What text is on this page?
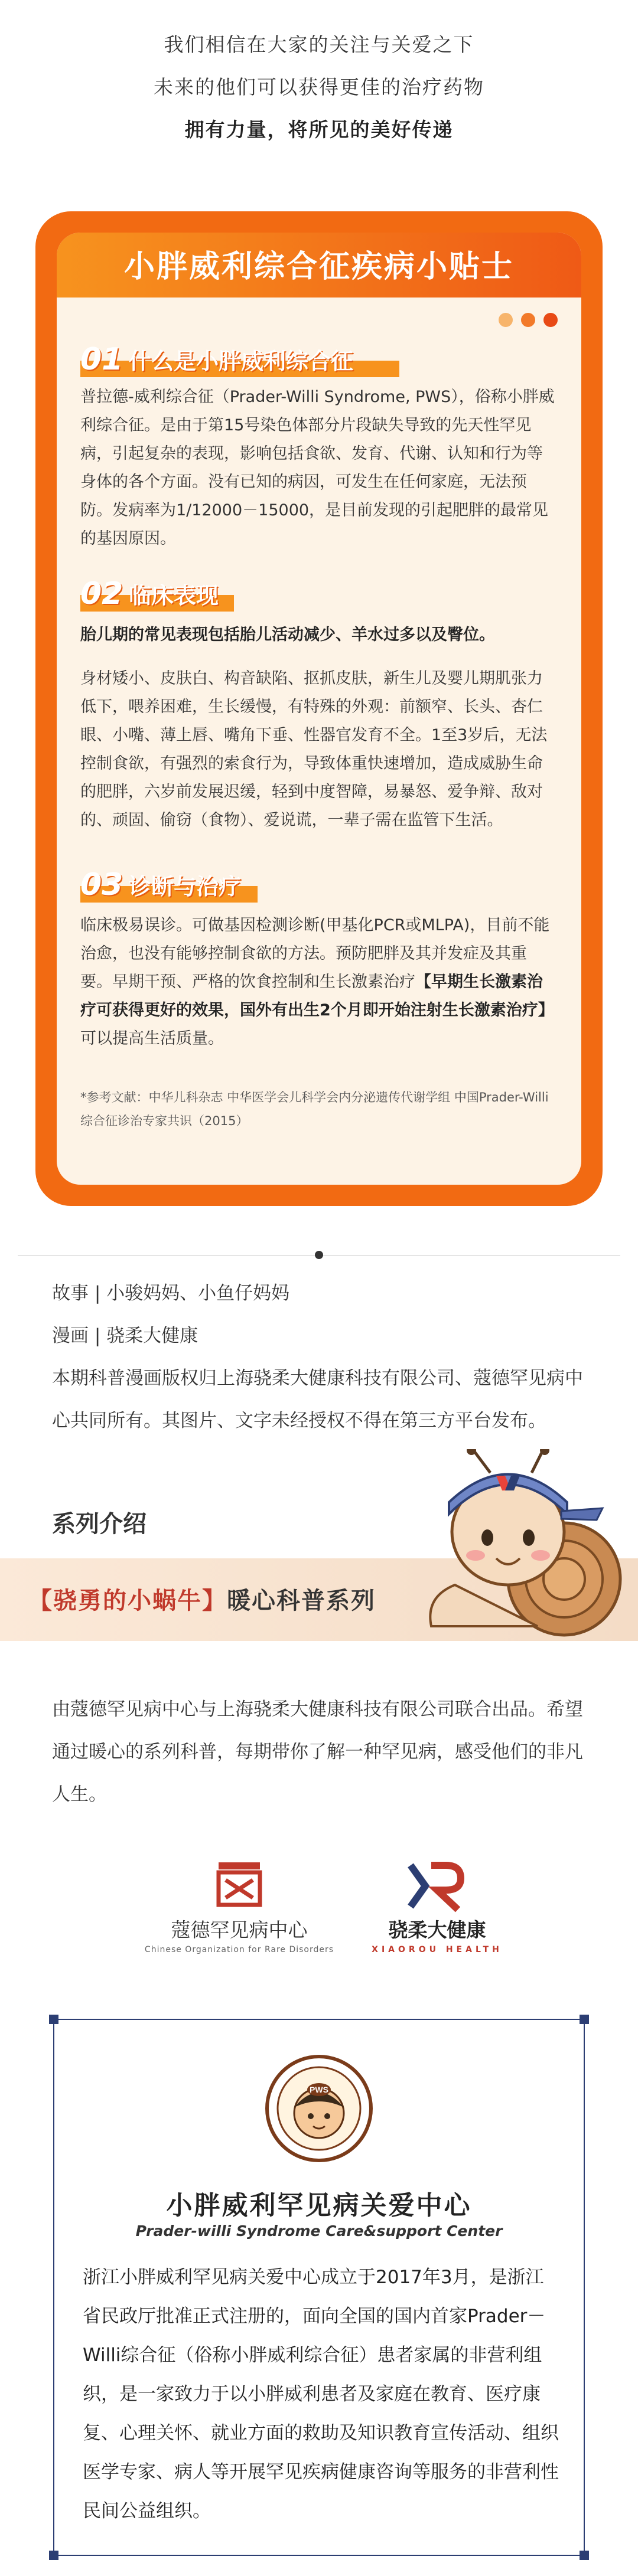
我们相信在大家的关注与关爱之下

未来的他们可以获得更佳的治疗药物

拥有力量，将所见的美好传递

小胖威利综合征疾病小贴士
01 什么是小胖威利综合征
普拉德-威利综合征（Prader-Willi Syndrome, PWS），俗称小胖威利综合征。是由于第15号染色体部分片段缺失导致的先天性罕见病，引起复杂的表现，影响包括食欲、发育、代谢、认知和行为等身体的各个方面。没有已知的病因，可发生在任何家庭，无法预防。发病率为1/12000－15000，是目前发现的引起肥胖的最常见的基因原因。
02 临床表现
胎儿期的常见表现包括胎儿活动减少、羊水过多以及臀位。
身材矮小、皮肤白、构音缺陷、抠抓皮肤，新生儿及婴儿期肌张力低下，喂养困难，生长缓慢，有特殊的外观：前额窄、长头、杏仁眼、小嘴、薄上唇、嘴角下垂、性器官发育不全。1至3岁后，无法控制食欲，有强烈的索食行为，导致体重快速增加，造成威胁生命的肥胖，六岁前发展迟缓，轻到中度智障，易暴怒、爱争辩、敌对的、顽固、偷窃（食物）、爱说谎，一辈子需在监管下生活。
03 诊断与治疗
临床极易误诊。可做基因检测诊断(甲基化PCR或MLPA)，目前不能治愈，也没有能够控制食欲的方法。预防肥胖及其并发症及其重要。早期干预、严格的饮食控制和生长激素治疗【早期生长激素治疗可获得更好的效果，国外有出生2个月即开始注射生长激素治疗】可以提高生活质量。
*参考文献：中华儿科杂志 中华医学会儿科学会内分泌遗传代谢学组 中国Prader-Willi综合征诊治专家共识（2015）

故事 | 小骏妈妈、小鱼仔妈妈

漫画 | 骁柔大健康

本期科普漫画版权归上海骁柔大健康科技有限公司、蔻德罕见病中心共同所有。其图片、文字未经授权不得在第三方平台发布。

系列介绍
【骁勇的小蜗牛】暖心科普系列
由蔻德罕见病中心与上海骁柔大健康科技有限公司联合出品。希望通过暖心的系列科普，每期带你了解一种罕见病，感受他们的非凡人生。
蔻德罕见病中心
Chinese Organization for Rare Disorders
骁柔大健康
XIAOROU HEALTH
PWS
小胖威利罕见病关爱中心
Prader-willi Syndrome Care&support Center
浙江小胖威利罕见病关爱中心成立于2017年3月，是浙江省民政厅批准正式注册的，面向全国的国内首家Prader－Willi综合征（俗称小胖威利综合征）患者家属的非营利组织，是一家致力于以小胖威利患者及家庭在教育、医疗康复、心理关怀、就业方面的救助及知识教育宣传活动、组织医学专家、病人等开展罕见疾病健康咨询等服务的非营利性民间公益组织。
